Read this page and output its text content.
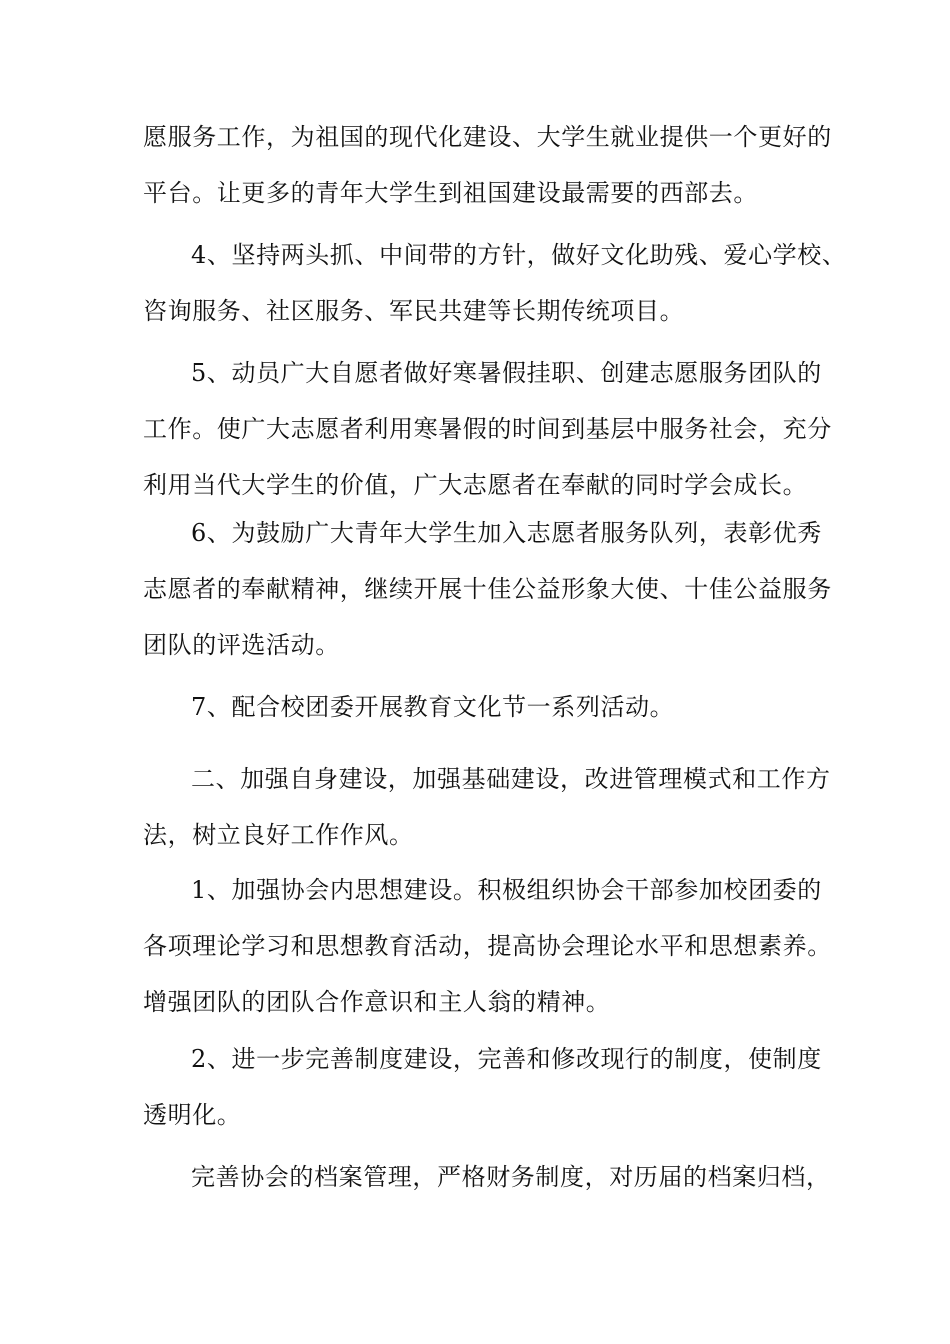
愿服务工作，为祖国的现代化建设、大学生就业提供一个更好的
平台。让更多的青年大学生到祖国建设最需要的西部去。
4、坚持两头抓、中间带的方针，做好文化助残、爱心学校、
咨询服务、社区服务、军民共建等长期传统项目。
5、动员广大自愿者做好寒暑假挂职、创建志愿服务团队的
工作。使广大志愿者利用寒暑假的时间到基层中服务社会，充分
利用当代大学生的价值，广大志愿者在奉献的同时学会成长。
6、为鼓励广大青年大学生加入志愿者服务队列，表彰优秀
志愿者的奉献精神，继续开展十佳公益形象大使、十佳公益服务
团队的评选活动。
7、配合校团委开展教育文化节一系列活动。
二、加强自身建设，加强基础建设，改进管理模式和工作方
法，树立良好工作作风。
1、加强协会内思想建设。积极组织协会干部参加校团委的
各项理论学习和思想教育活动，提高协会理论水平和思想素养。
增强团队的团队合作意识和主人翁的精神。
2、进一步完善制度建设，完善和修改现行的制度，使制度
透明化。
完善协会的档案管理，严格财务制度，对历届的档案归档，
